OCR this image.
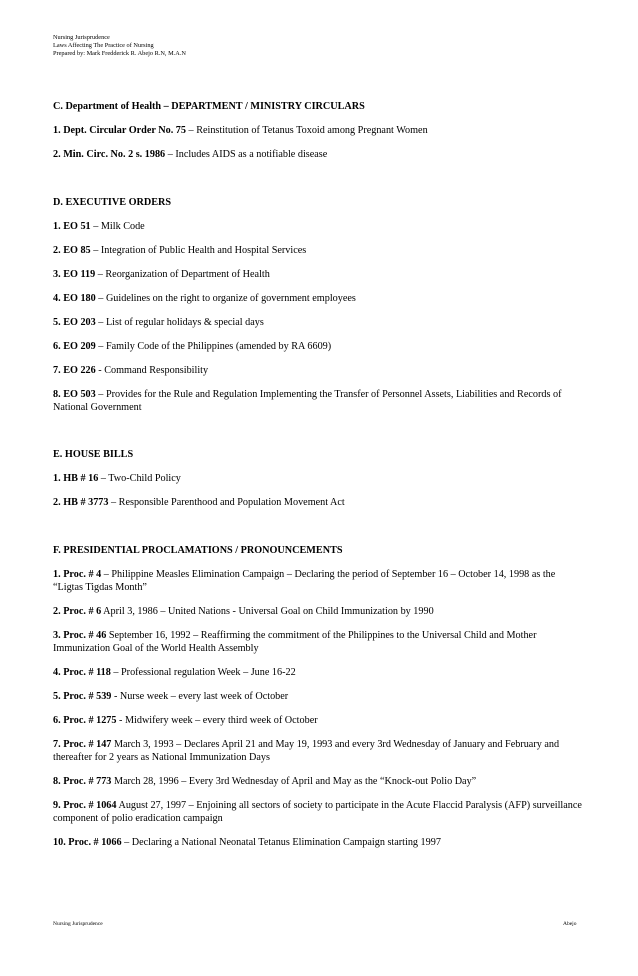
Nursing Jurisprudence
Laws Affecting The Practice of Nursing
Prepared by: Mark Fredderick R. Abejo R.N, M.A.N

C. Department of Health – DEPARTMENT / MINISTRY CIRCULARS

1. Dept. Circular Order No. 75 – Reinstitution of Tetanus Toxoid among Pregnant Women

2. Min. Circ. No. 2 s. 1986 – Includes AIDS as a notifiable disease

D. EXECUTIVE ORDERS

1. EO 51 – Milk Code

2. EO 85 – Integration of Public Health and Hospital Services

3. EO 119 – Reorganization of Department of Health

4. EO 180 – Guidelines on the right to organize of government employees

5. EO 203 – List of regular holidays & special days

6. EO 209 – Family Code of the Philippines (amended by RA 6609)

7. EO 226 - Command Responsibility

8. EO 503 – Provides for the Rule and Regulation Implementing the Transfer of Personnel Assets, Liabilities and Records of National Government

E. HOUSE BILLS

1. HB # 16 – Two-Child Policy

2. HB # 3773 – Responsible Parenthood and Population Movement Act

F. PRESIDENTIAL PROCLAMATIONS / PRONOUNCEMENTS

1. Proc. # 4 – Philippine Measles Elimination Campaign – Declaring the period of September 16 – October 14, 1998 as the “Ligtas Tigdas Month”

2. Proc. # 6 April 3, 1986 – United Nations - Universal Goal on Child Immunization by 1990

3. Proc. # 46 September 16, 1992 – Reaffirming the commitment of the Philippines to the Universal Child and Mother Immunization Goal of the World Health Assembly

4. Proc. # 118 – Professional regulation Week – June 16-22

5. Proc. # 539 - Nurse week – every last week of October

6. Proc. # 1275 - Midwifery week – every third week of October

7. Proc. # 147 March 3, 1993 – Declares April 21 and May 19, 1993 and every 3rd Wednesday of January and February and thereafter for 2 years as National Immunization Days

8. Proc. # 773 March 28, 1996 – Every 3rd Wednesday of April and May as the “Knock-out Polio Day”

9. Proc. # 1064 August 27, 1997 – Enjoining all sectors of society to participate in the Acute Flaccid Paralysis (AFP) surveillance component of polio eradication campaign

10. Proc. # 1066 – Declaring a National Neonatal Tetanus Elimination Campaign starting 1997

Nursing Jurisprudence	Abejo
